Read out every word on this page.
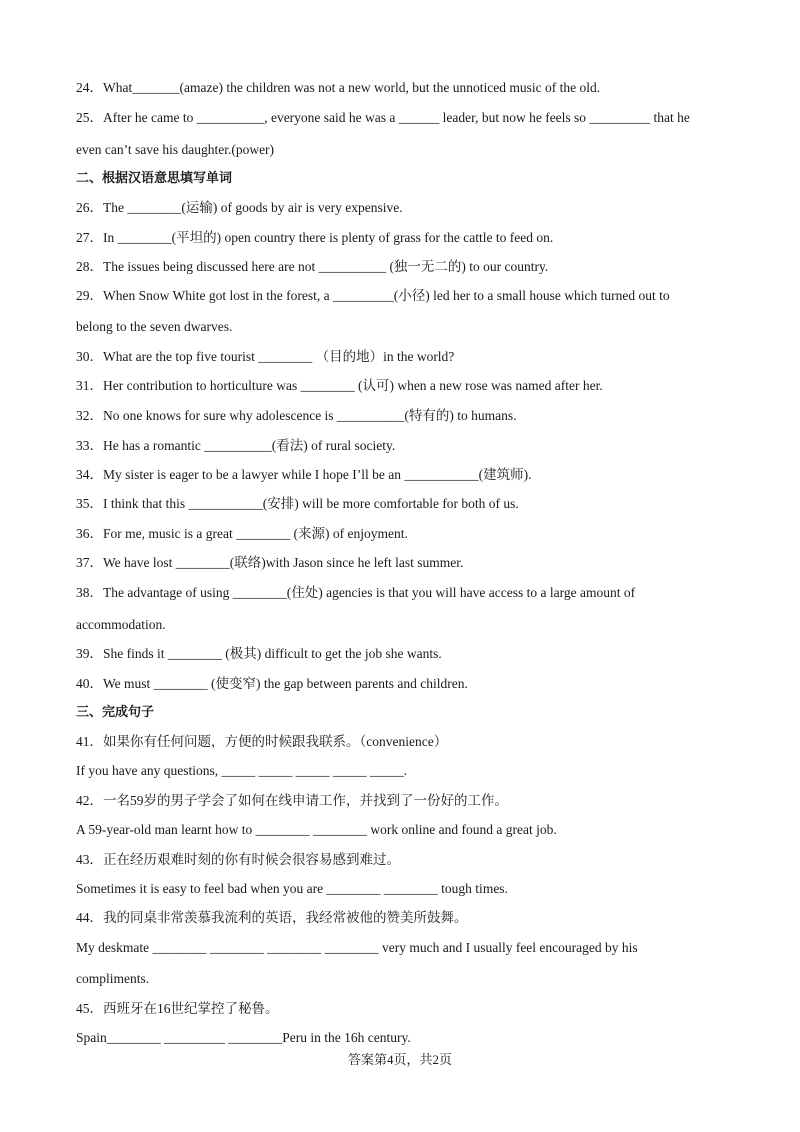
24．What_______(amaze) the children was not a new world, but the unnoticed music of the old.
25．After he came to __________, everyone said he was a ______ leader, but now he feels so _________ that he
even can’t save his daughter.(power)
二、根据汉语意思填写单词
26．The ________(运输) of goods by air is very expensive.
27．In ________(平坦的) open country there is plenty of grass for the cattle to feed on.
28．The issues being discussed here are not __________ (独一无二的) to our country.
29．When Snow White got lost in the forest, a _________(小径) led her to a small house which turned out to
belong to the seven dwarves.
30．What are the top five tourist ________ （目的地）in the world?
31．Her contribution to horticulture was ________ (认可) when a new rose was named after her.
32．No one knows for sure why adolescence is __________(特有的) to humans.
33．He has a romantic __________(看法) of rural society.
34．My sister is eager to be a lawyer while I hope I’ll be an ___________(建筑师).
35．I think that this ___________(安排) will be more comfortable for both of us.
36．For me, music is a great ________ (来源) of enjoyment.
37．We have lost ________(联络)with Jason since he left last summer.
38．The advantage of using ________(住处) agencies is that you will have access to a large amount of
accommodation.
39．She finds it ________ (极其) difficult to get the job she wants.
40．We must ________ (使变窄) the gap between parents and children.
三、完成句子
41．如果你有任何问题，方便的时候跟我联系。（convenience）
If you have any questions, _____ _____ _____ _____ _____.
42．一名59岁的男子学会了如何在线申请工作，并找到了一份好的工作。
A 59-year-old man learnt how to ________ ________ work online and found a great job.
43．正在经历艰难时刻的你有时候会很容易感到难过。
Sometimes it is easy to feel bad when you are ________ ________ tough times.
44．我的同桌非常羡慕我流利的英语，我经常被他的赞美所鼓舞。
My deskmate ________ ________ ________ ________ very much and I usually feel encouraged by his
compliments.
45．西班牙在16世纪掌控了秘鲁。
Spain________ _________ ________Peru in the 16h century.
答案第4页，共2页
